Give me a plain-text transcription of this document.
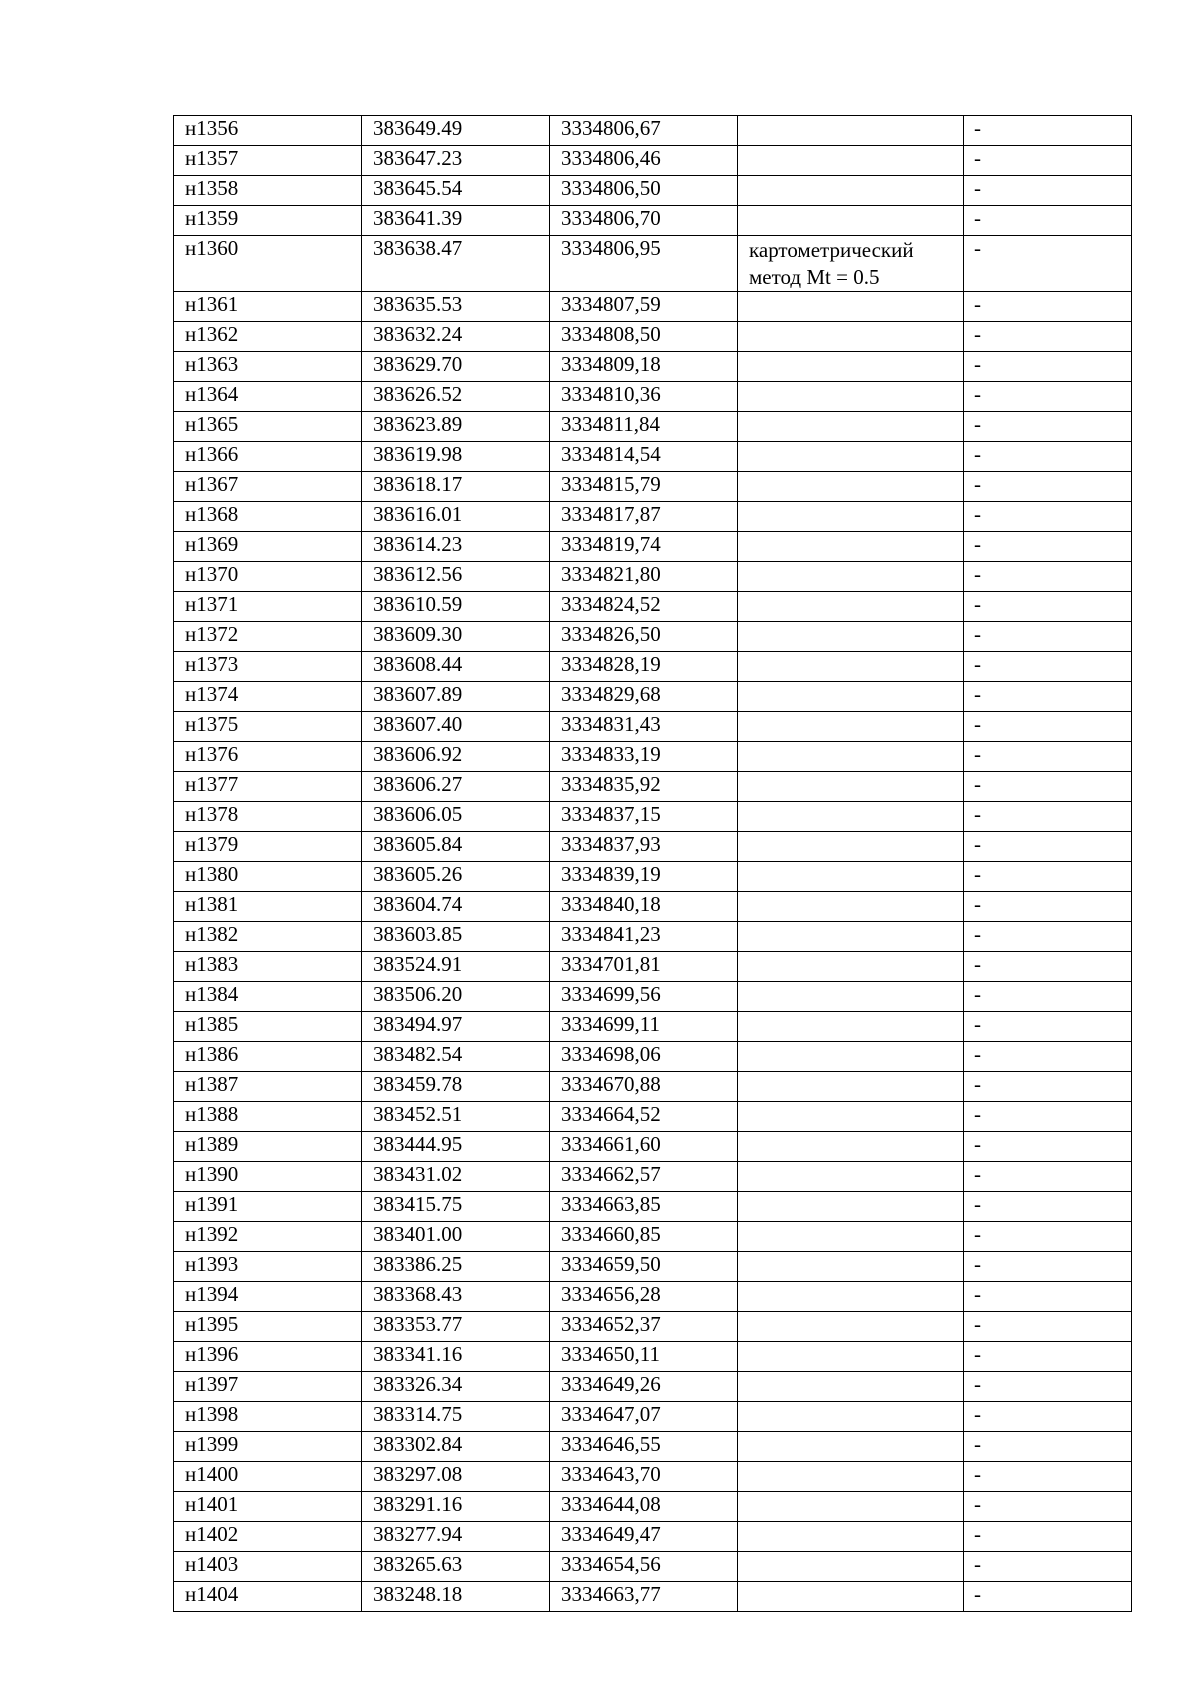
н1356	383649.49	3334806,67		-
н1357	383647.23	3334806,46		-
н1358	383645.54	3334806,50		-
н1359	383641.39	3334806,70		-
н1360	383638.47	3334806,95	картометрический метод Mt = 0.5	-
н1361	383635.53	3334807,59		-
н1362	383632.24	3334808,50		-
н1363	383629.70	3334809,18		-
н1364	383626.52	3334810,36		-
н1365	383623.89	3334811,84		-
н1366	383619.98	3334814,54		-
н1367	383618.17	3334815,79		-
н1368	383616.01	3334817,87		-
н1369	383614.23	3334819,74		-
н1370	383612.56	3334821,80		-
н1371	383610.59	3334824,52		-
н1372	383609.30	3334826,50		-
н1373	383608.44	3334828,19		-
н1374	383607.89	3334829,68		-
н1375	383607.40	3334831,43		-
н1376	383606.92	3334833,19		-
н1377	383606.27	3334835,92		-
н1378	383606.05	3334837,15		-
н1379	383605.84	3334837,93		-
н1380	383605.26	3334839,19		-
н1381	383604.74	3334840,18		-
н1382	383603.85	3334841,23		-
н1383	383524.91	3334701,81		-
н1384	383506.20	3334699,56		-
н1385	383494.97	3334699,11		-
н1386	383482.54	3334698,06		-
н1387	383459.78	3334670,88		-
н1388	383452.51	3334664,52		-
н1389	383444.95	3334661,60		-
н1390	383431.02	3334662,57		-
н1391	383415.75	3334663,85		-
н1392	383401.00	3334660,85		-
н1393	383386.25	3334659,50		-
н1394	383368.43	3334656,28		-
н1395	383353.77	3334652,37		-
н1396	383341.16	3334650,11		-
н1397	383326.34	3334649,26		-
н1398	383314.75	3334647,07		-
н1399	383302.84	3334646,55		-
н1400	383297.08	3334643,70		-
н1401	383291.16	3334644,08		-
н1402	383277.94	3334649,47		-
н1403	383265.63	3334654,56		-
н1404	383248.18	3334663,77		-
